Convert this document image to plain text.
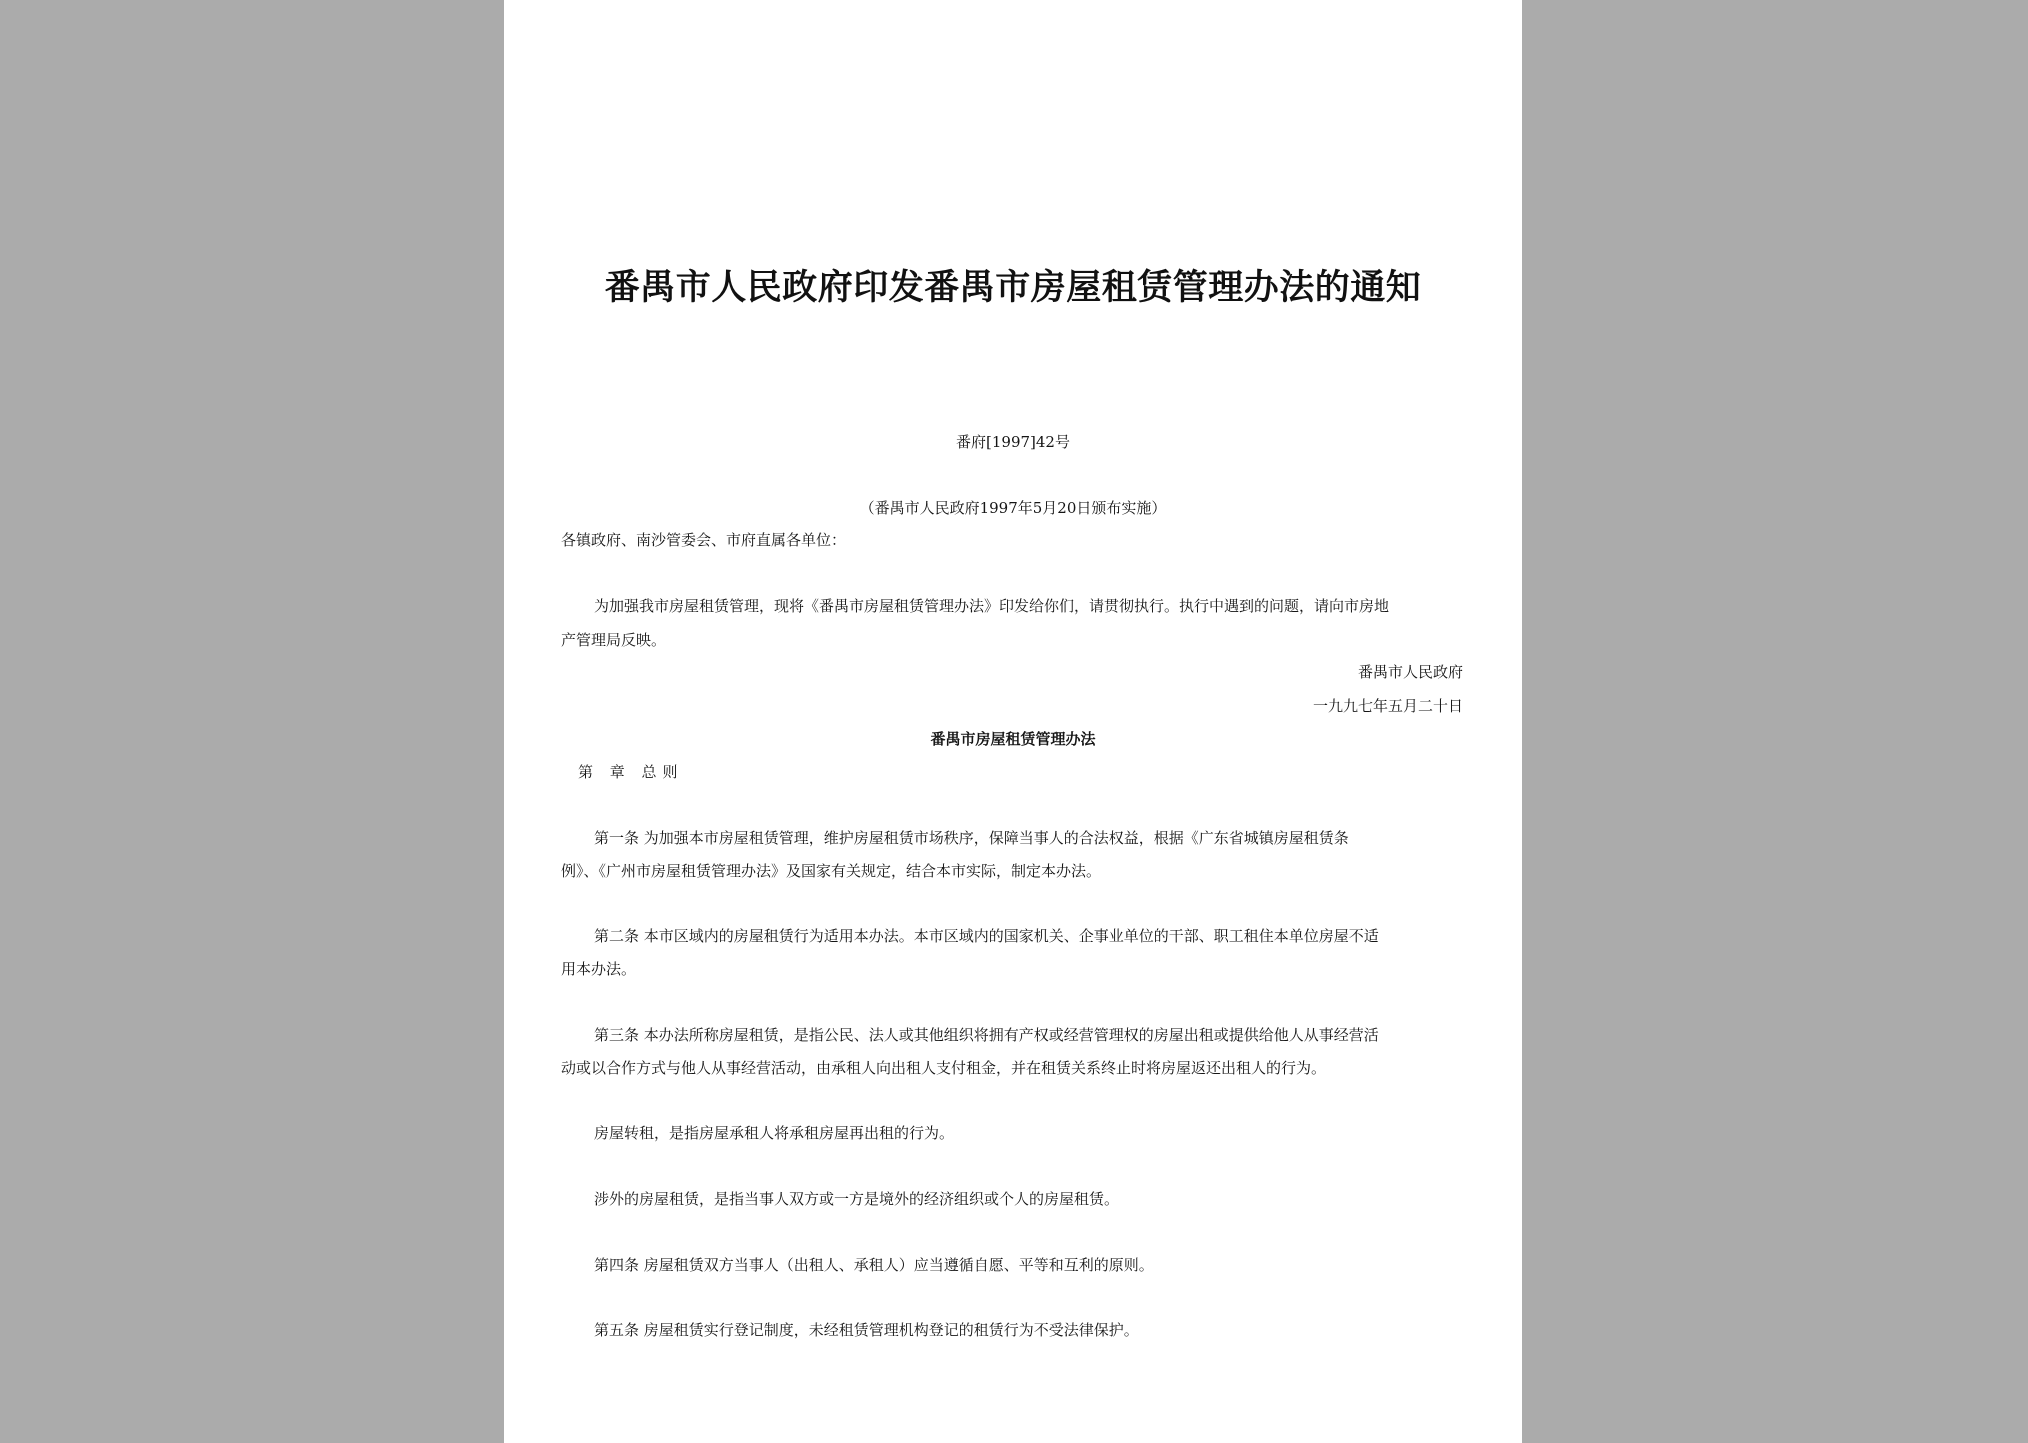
番禺市人民政府印发番禺市房屋租赁管理办法的通知
番府[1997]42号
（番禺市人民政府1997年5月20日颁布实施）
各镇政府、南沙管委会、市府直属各单位：
为加强我市房屋租赁管理，现将《番禺市房屋租赁管理办法》印发给你们，请贯彻执行。执行中遇到的问题，请向市房地
产管理局反映。
番禺市人民政府
一九九七年五月二十日
番禺市房屋租赁管理办法
第 章 总则
第一条 为加强本市房屋租赁管理，维护房屋租赁市场秩序，保障当事人的合法权益，根据《广东省城镇房屋租赁条
例》、《广州市房屋租赁管理办法》及国家有关规定，结合本市实际，制定本办法。
第二条 本市区域内的房屋租赁行为适用本办法。本市区域内的国家机关、企事业单位的干部、职工租住本单位房屋不适
用本办法。
第三条 本办法所称房屋租赁，是指公民、法人或其他组织将拥有产权或经营管理权的房屋出租或提供给他人从事经营活
动或以合作方式与他人从事经营活动，由承租人向出租人支付租金，并在租赁关系终止时将房屋返还出租人的行为。
房屋转租，是指房屋承租人将承租房屋再出租的行为。
涉外的房屋租赁，是指当事人双方或一方是境外的经济组织或个人的房屋租赁。
第四条 房屋租赁双方当事人（出租人、承租人）应当遵循自愿、平等和互利的原则。
第五条 房屋租赁实行登记制度，未经租赁管理机构登记的租赁行为不受法律保护。
